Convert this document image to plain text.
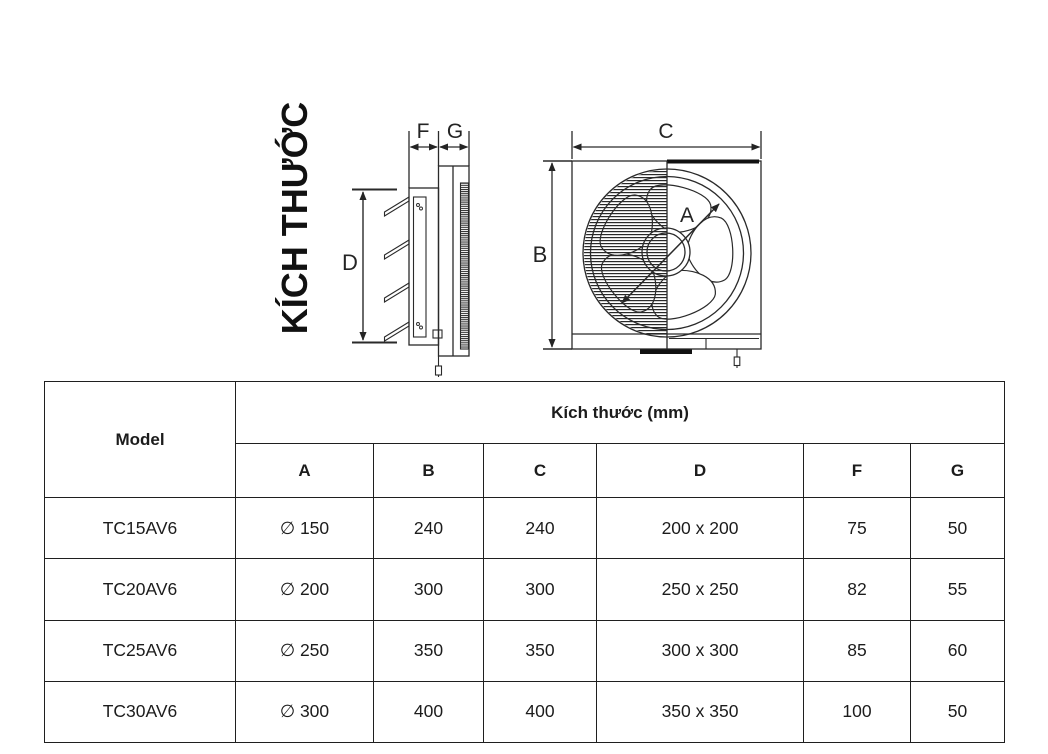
KÍCH THƯỚC	F G
D
C
B
A
Model	Kích thước (mm)					
	A	B	C	D	F	G
TC15AV6	∅ 150	240	240	200 x 200	75	50
TC20AV6	∅ 200	300	300	250 x 250	82	55
TC25AV6	∅ 250	350	350	300 x 300	85	60
TC30AV6	∅ 300	400	400	350 x 350	100	50
